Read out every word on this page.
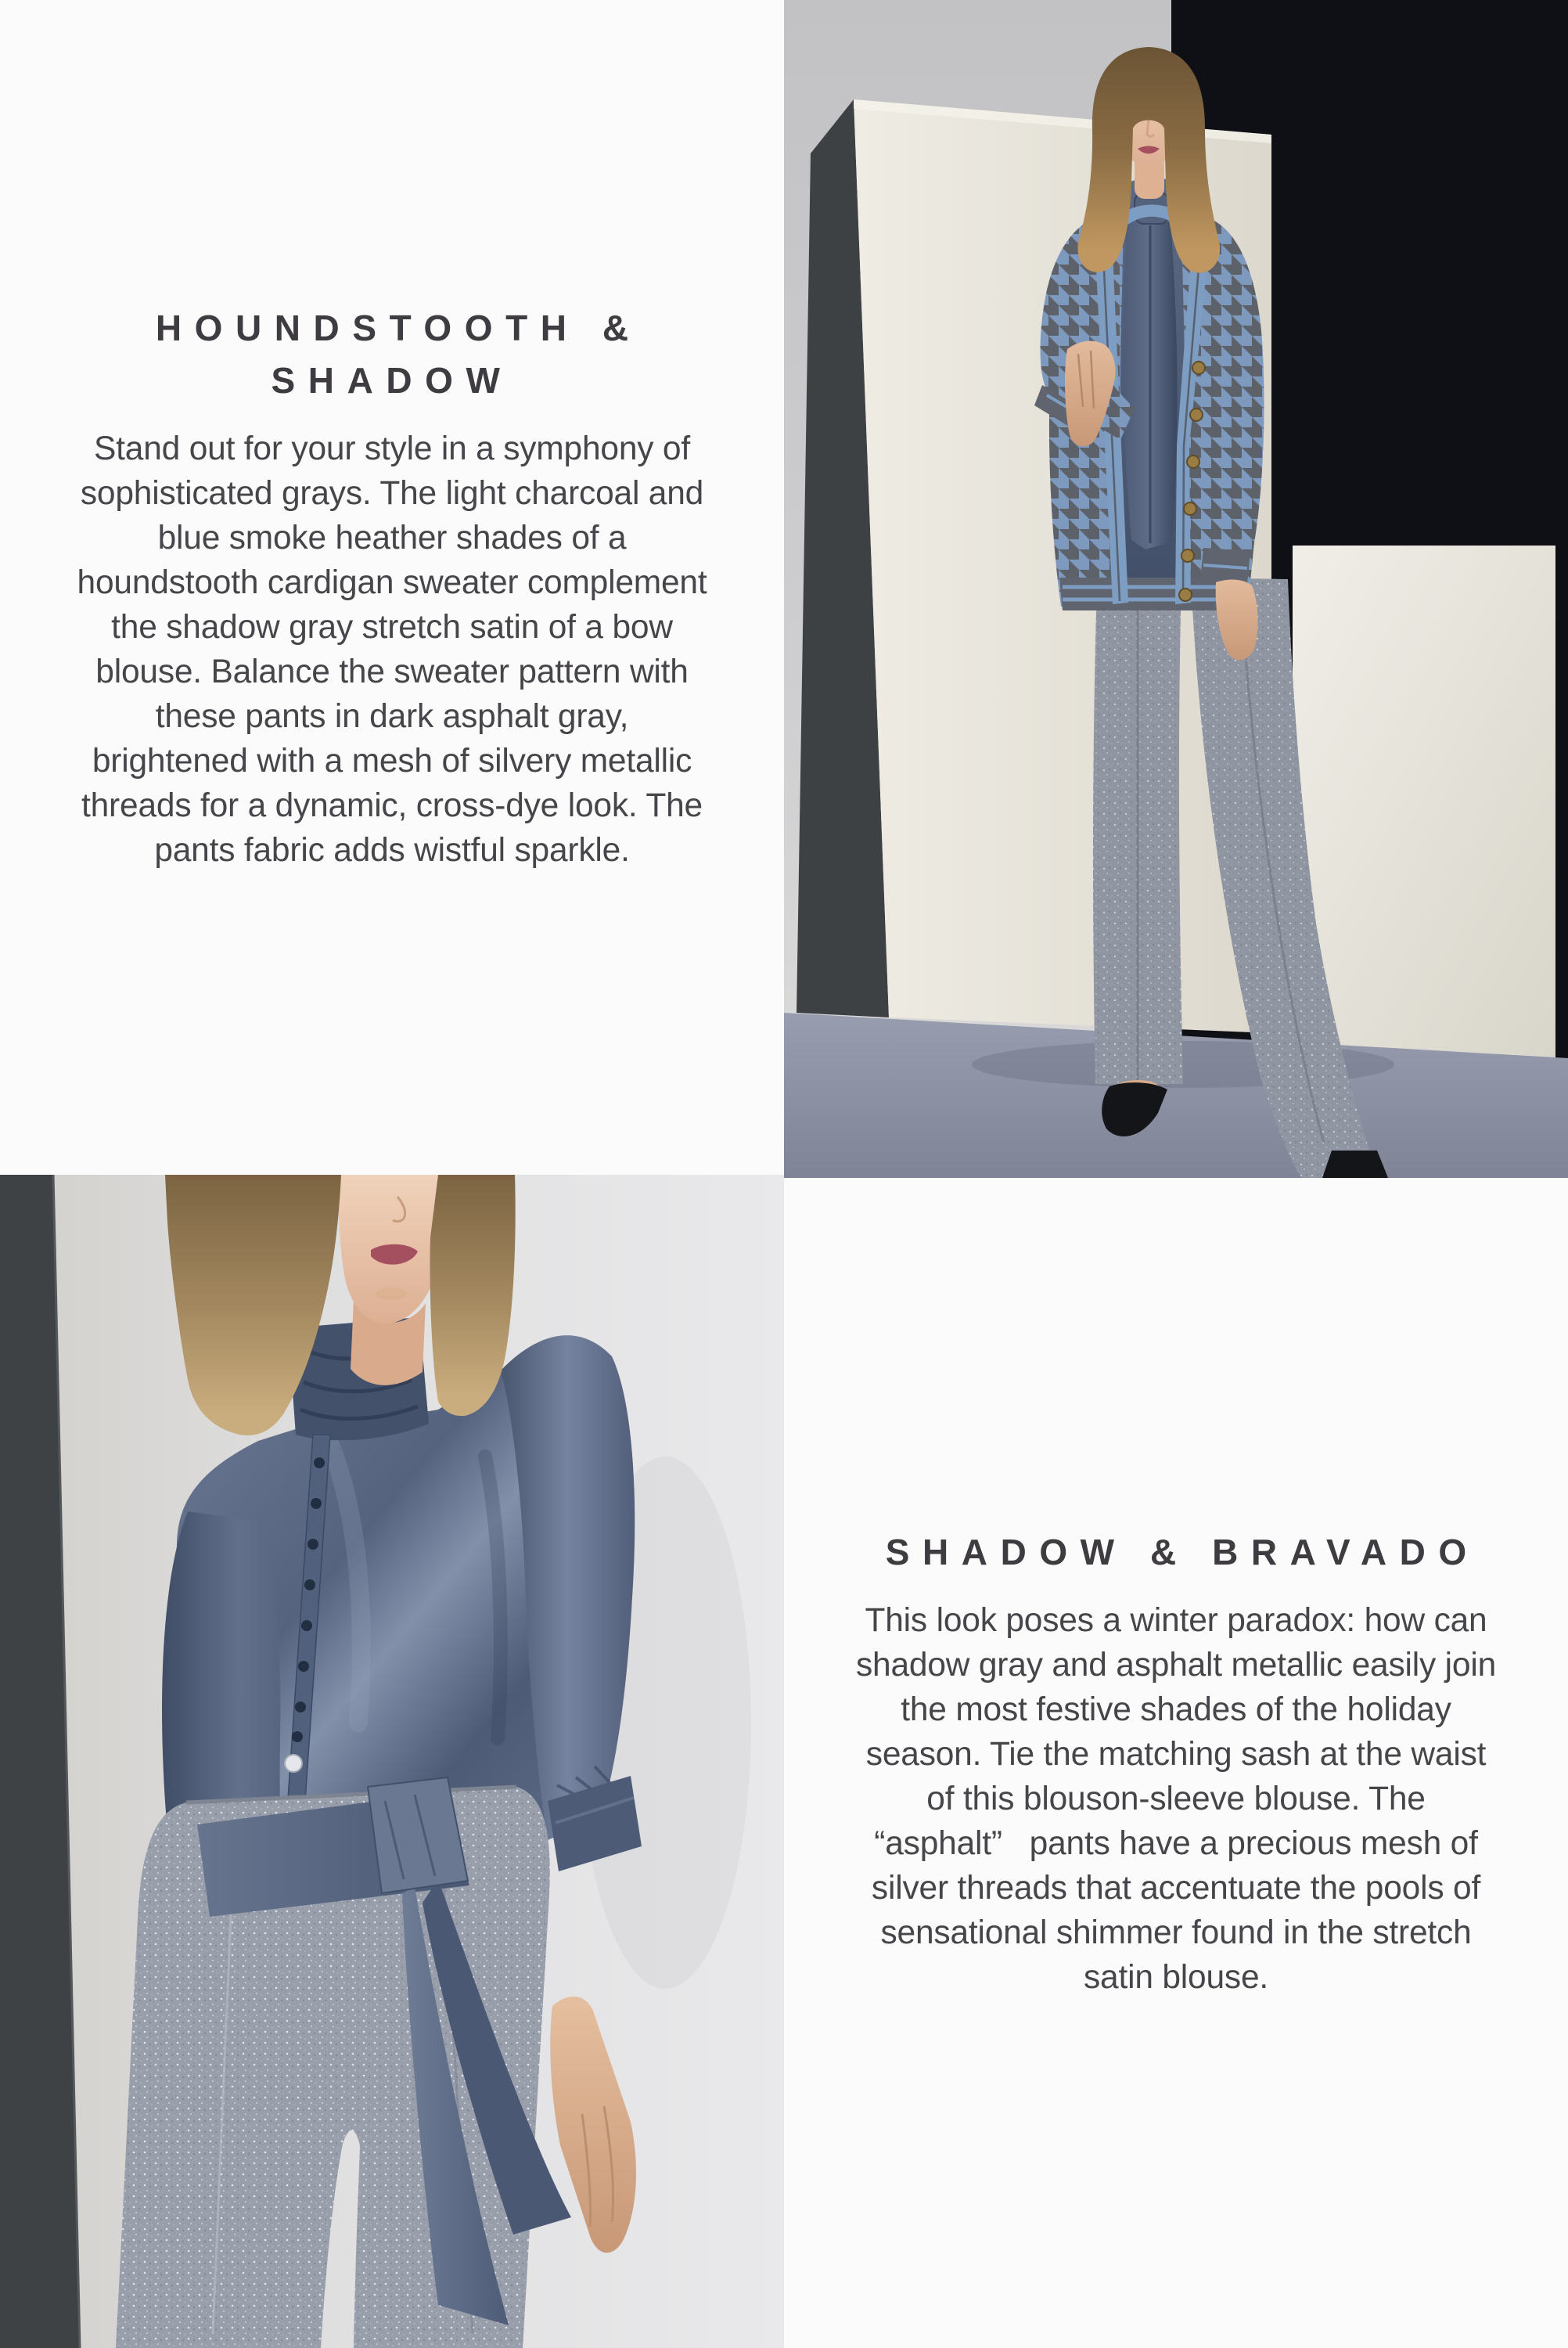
HOUNDSTOOTH &
SHADOW
Stand out for your style in a symphony of
sophisticated grays. The light charcoal and
blue smoke heather shades of a
houndstooth cardigan sweater complement
the shadow gray stretch satin of a bow
blouse. Balance the sweater pattern with
these pants in dark asphalt gray,
brightened with a mesh of silvery metallic
threads for a dynamic, cross-dye look. The
pants fabric adds wistful sparkle.
SHADOW & BRAVADO
This look poses a winter paradox: how can
shadow gray and asphalt metallic easily join
the most festive shades of the holiday
season. Tie the matching sash at the waist
of this blouson-sleeve blouse. The
“asphalt”   pants have a precious mesh of
silver threads that accentuate the pools of
sensational shimmer found in the stretch
satin blouse.
